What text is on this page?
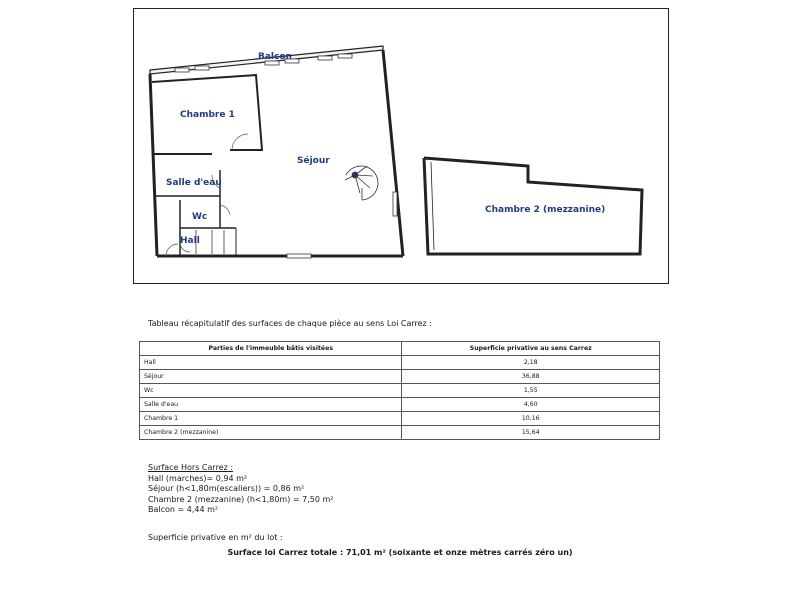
Balcon
Chambre 1
Séjour
Salle d'eau
Wc
Hall
Chambre 2 (mezzanine)
Tableau récapitulatif des surfaces de chaque pièce au sens Loi Carrez :
Parties de l'immeuble bâtis visitées	Superficie privative au sens Carrez
Hall	2,18
Séjour	36,88
Wc	1,55
Salle d'eau	4,60
Chambre 1	10,16
Chambre 2 (mezzanine)	15,64
Surface Hors Carrez :
Hall (marches)= 0,94 m²
Séjour (h<1,80m(escaliers)) = 0,86 m²
Chambre 2 (mezzanine) (h<1,80m) = 7,50 m²
Balcon = 4,44 m²
Superficie privative en m² du lot :
Surface loi Carrez totale : 71,01 m² (soixante et onze mètres carrés zéro un)
